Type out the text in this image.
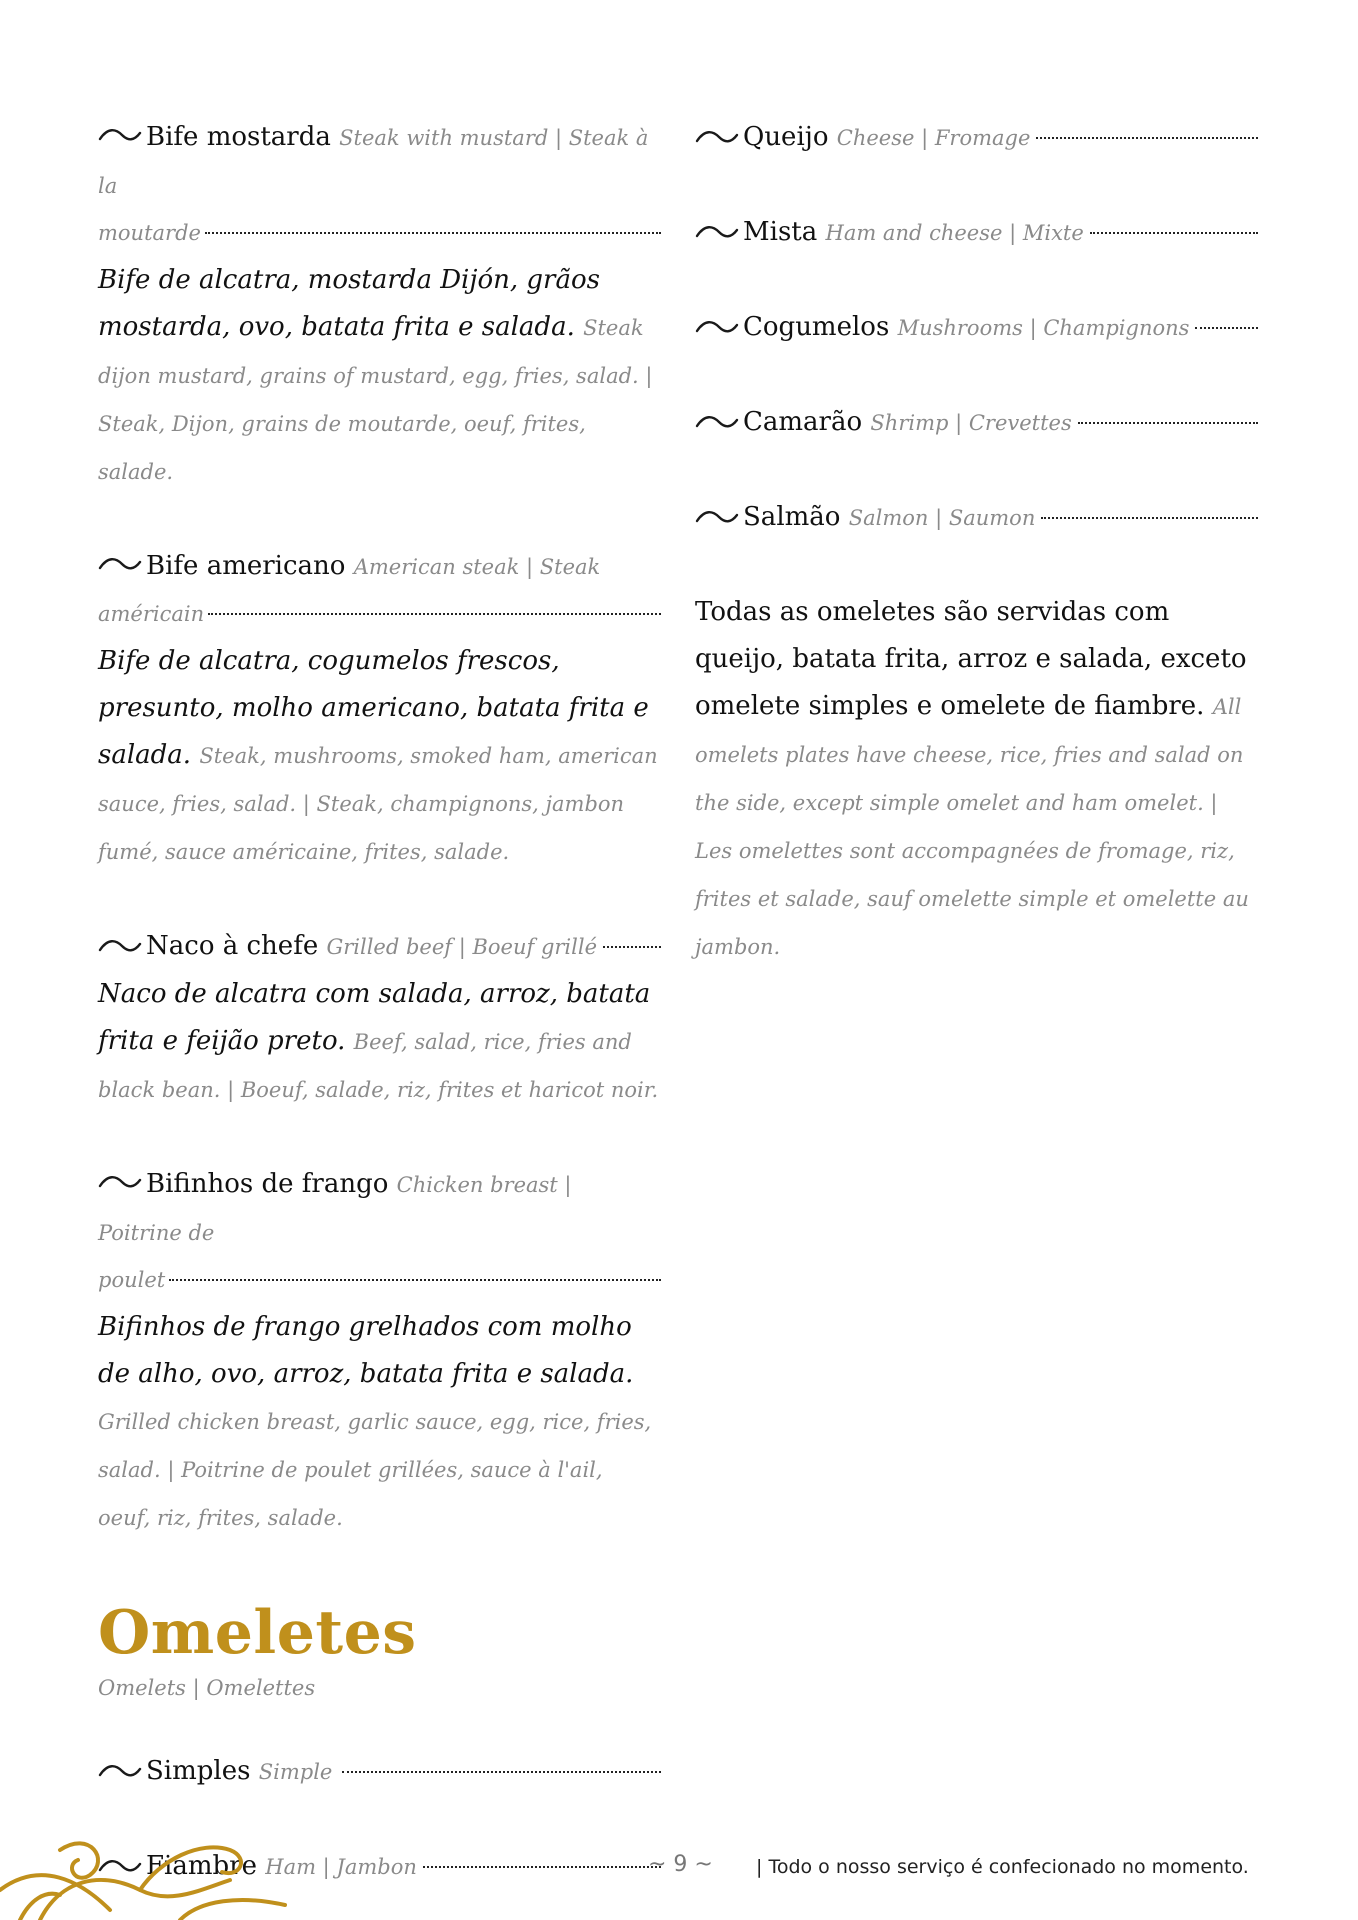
Bife mostarda Steak with mustard | Steak à la
moutarde
Bife de alcatra, mostarda Dijón, grãos mostarda, ovo, batata frita e salada. Steak dijon mustard, grains of mustard, egg, fries, salad. | Steak, Dijon, grains de moutarde, oeuf, frites, salade.
Bife americano American steak | Steak
américain
Bife de alcatra, cogumelos frescos, presunto, molho americano, batata frita e salada. Steak, mushrooms, smoked ham, american sauce, fries, salad. | Steak, champignons, jambon fumé, sauce américaine, frites, salade.
Naco à chefe
Grilled beef | Boeuf grillé
Naco de alcatra com salada, arroz, batata frita e feijão preto. Beef, salad, rice, fries and black bean. | Boeuf, salade, riz, frites et haricot noir.
Bifinhos de frango Chicken breast | Poitrine de
poulet
Bifinhos de frango grelhados com molho de alho, ovo, arroz, batata frita e salada. Grilled chicken breast, garlic sauce, egg, rice, fries, salad. | Poitrine de poulet grillées, sauce à l'ail, oeuf, riz, frites, salade.
Omeletes
Omelets | Omelettes
Simples
Simple
Fiambre
Ham | Jambon
Queijo
Cheese | Fromage
Mista
Ham and cheese | Mixte
Cogumelos
Mushrooms | Champignons
Camarão
Shrimp | Crevettes
Salmão
Salmon | Saumon
Todas as omeletes são servidas com queijo, batata frita, arroz e salada, exceto omelete simples e omelete de fiambre. All omelets plates have cheese, rice, fries and salad on the side, except simple omelet and ham omelet. | Les omelettes sont accompagnées de fromage, riz, frites et salade, sauf omelette simple et omelette au jambon.
~ 9 ~ | Todo o nosso serviço é confecionado no momento.
